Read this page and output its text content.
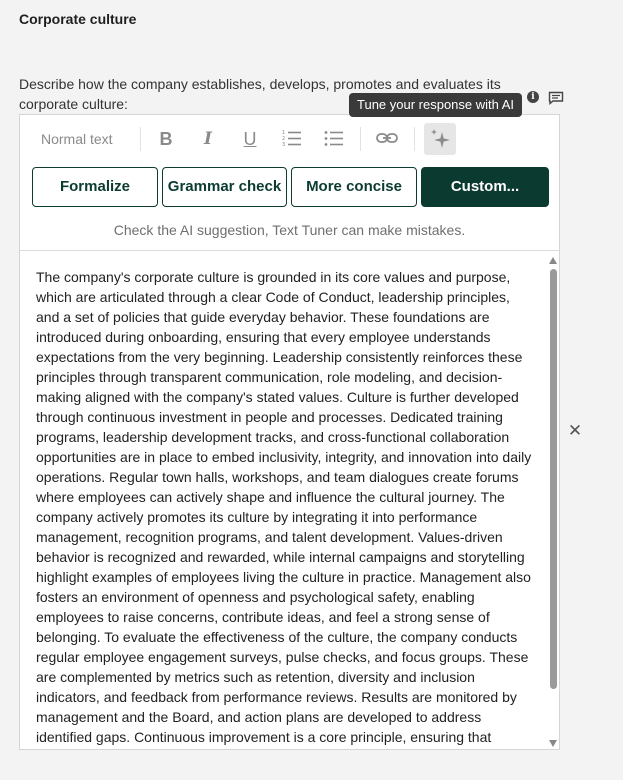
Corporate culture
Describe how the company establishes, develops, promotes and evaluates its corporate culture:	i
Tune your response with AI
Normal text	B	I	U	1
2
3
Formalize	Grammar check	More concise	Custom...
Check the AI suggestion, Text Tuner can make mistakes.
The company's corporate culture is grounded in its core values and purpose, which are articulated through a clear Code of Conduct, leadership principles, and a set of policies that guide everyday behavior. These foundations are introduced during onboarding, ensuring that every employee understands expectations from the very beginning. Leadership consistently reinforces these principles through transparent communication, role modeling, and decision-making aligned with the company's stated values. Culture is further developed through continuous investment in people and processes. Dedicated training programs, leadership development tracks, and cross-functional collaboration opportunities are in place to embed inclusivity, integrity, and innovation into daily operations. Regular town halls, workshops, and team dialogues create forums where employees can actively shape and influence the cultural journey. The company actively promotes its culture by integrating it into performance management, recognition programs, and talent development. Values-driven behavior is recognized and rewarded, while internal campaigns and storytelling highlight examples of employees living the culture in practice. Management also fosters an environment of openness and psychological safety, enabling employees to raise concerns, contribute ideas, and feel a strong sense of belonging. To evaluate the effectiveness of the culture, the company conducts regular employee engagement surveys, pulse checks, and focus groups. These are complemented by metrics such as retention, diversity and inclusion indicators, and feedback from performance reviews. Results are monitored by management and the Board, and action plans are developed to address identified gaps. Continuous improvement is a core principle, ensuring that
✕
